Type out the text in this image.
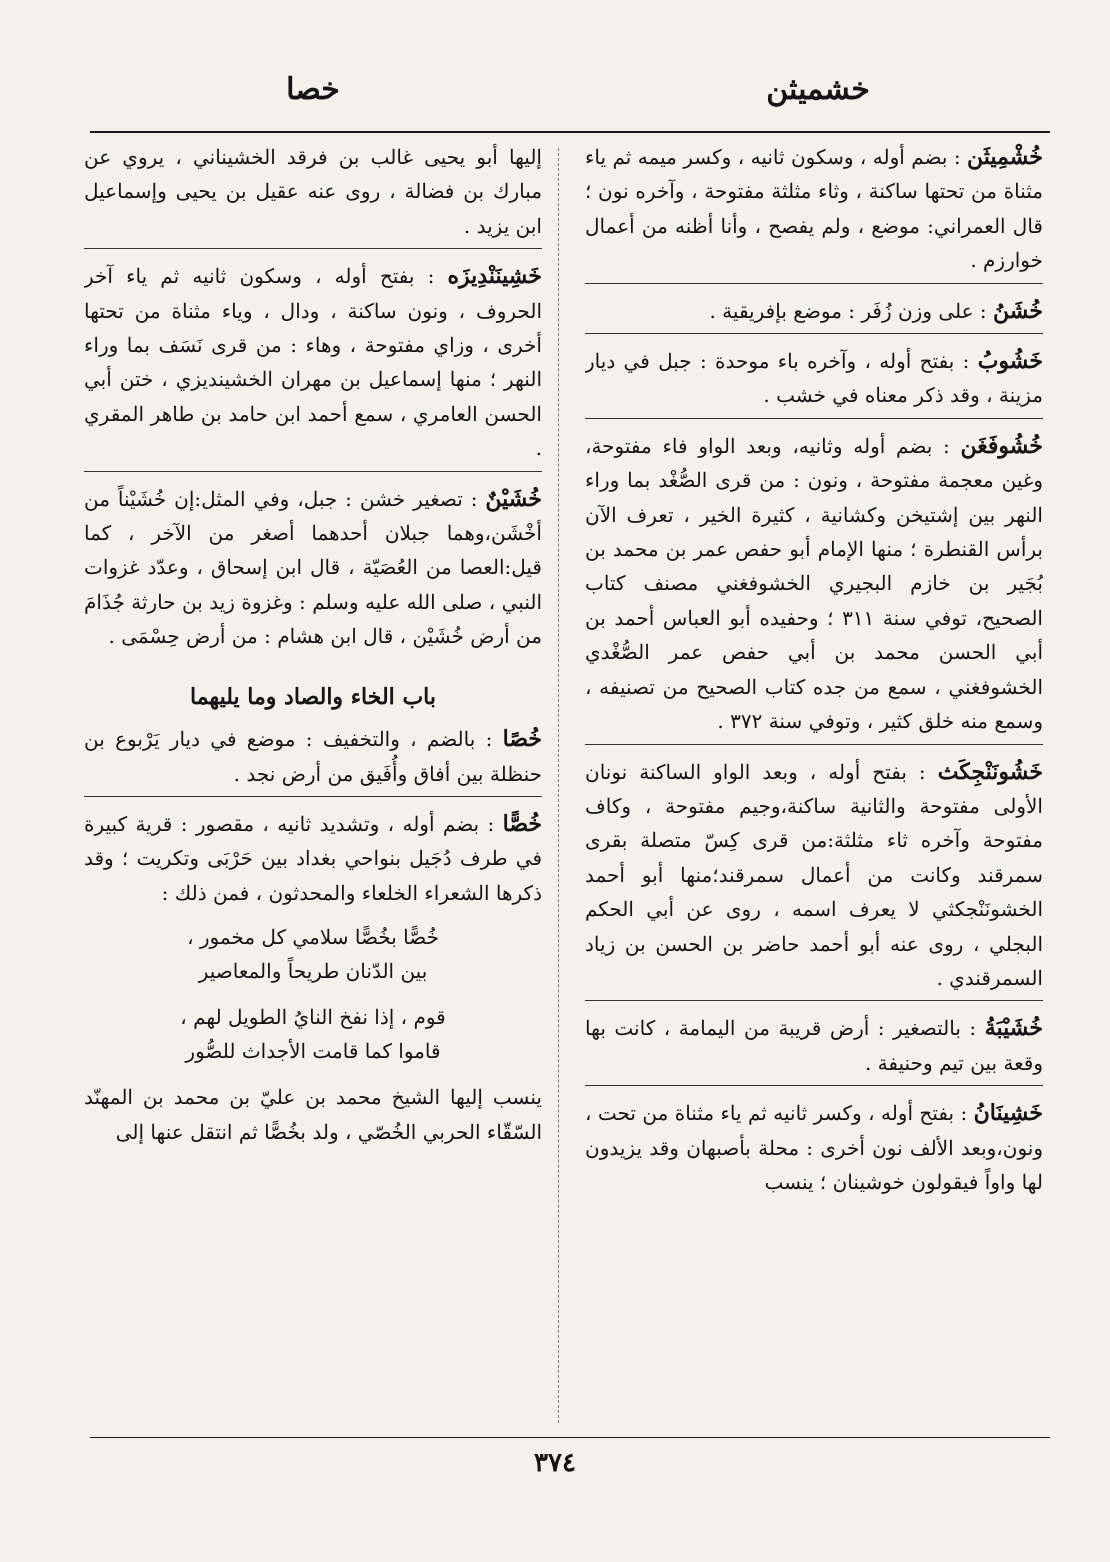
خشميثن
خصا

خُشْمِيثَن : بضم أوله ، وسكون ثانيه ، وكسر ميمه ثم ياء مثناة من تحتها ساكنة ، وثاء مثلثة مفتوحة ، وآخره نون ؛ قال العمراني: موضع ، ولم يفصح ، وأنا أظنه من أعمال خوارزم .

خُشَنُ : على وزن زُفَر : موضع بإفريقية .

خَشُوبُ : بفتح أوله ، وآخره باء موحدة : جبل في ديار مزينة ، وقد ذكر معناه في خشب .

خُشُوفَغَن : بضم أوله وثانيه، وبعد الواو فاء مفتوحة، وغين معجمة مفتوحة ، ونون : من قرى الصُّغْد بما وراء النهر بين إشتيخن وكشانية ، كثيرة الخير ، تعرف الآن برأس القنطرة ؛ منها الإمام أبو حفص عمر بن محمد بن بُجَير بن خازم البجيري الخشوفغني مصنف كتاب الصحيح، توفي سنة ٣١١ ؛ وحفيده أبو العباس أحمد بن أبي الحسن محمد بن أبي حفص عمر الصُّغْدي الخشوفغني ، سمع من جده كتاب الصحيح من تصنيفه ، وسمع منه خلق كثير ، وتوفي سنة ٣٧٢ .

خَشُونَنْجِكَث : بفتح أوله ، وبعد الواو الساكنة نونان الأولى مفتوحة والثانية ساكنة،وجيم مفتوحة ، وكاف مفتوحة وآخره ثاء مثلثة:من قرى كِسّ متصلة بقرى سمرقند وكانت من أعمال سمرقند؛منها أبو أحمد الخشونَنْجكثي لا يعرف اسمه ، روى عن أبي الحكم البجلي ، روى عنه أبو أحمد حاضر بن الحسن بن زياد السمرقندي .

خُشَيْبَةُ : بالتصغير : أرض قريبة من اليمامة ، كانت بها وقعة بين تيم وحنيفة .

خَشِينَانُ : بفتح أوله ، وكسر ثانيه ثم ياء مثناة من تحت ، ونون،وبعد الألف نون أخرى : محلة بأصبهان وقد يزيدون لها واواً فيقولون خوشينان ؛ ينسب

إليها أبو يحيى غالب بن فرقد الخشيناني ، يروي عن مبارك بن فضالة ، روى عنه عقيل بن يحيى وإسماعيل ابن يزيد .

خَشِينَنْدِيزَه : بفتح أوله ، وسكون ثانيه ثم ياء آخر الحروف ، ونون ساكنة ، ودال ، وياء مثناة من تحتها أخرى ، وزاي مفتوحة ، وهاء : من قرى نَسَف بما وراء النهر ؛ منها إسماعيل بن مهران الخشينديزي ، ختن أبي الحسن العامري ، سمع أحمد ابن حامد بن طاهر المقري .

خُشَيْنٌ : تصغير خشن : جبل، وفي المثل:إن خُشَيْناً من أخْشَن،وهما جبلان أحدهما أصغر من الآخر ، كما قيل:العصا من العُصَيّة ، قال ابن إسحاق ، وعدّد غزوات النبي ، صلى الله عليه وسلم : وغزوة زيد بن حارثة جُذَامَ من أرض خُشَيْن ، قال ابن هشام : من أرض حِسْمَى .

باب الخاء والصاد وما يليهما

خُصًا : بالضم ، والتخفيف : موضع في ديار يَرْبوع بن حنظلة بين أفاق وأُفَيق من أرض نجد .

خُصًّا : بضم أوله ، وتشديد ثانيه ، مقصور : قرية كبيرة في طرف دُجَيل بنواحي بغداد بين حَرْبَى وتكريت ؛ وقد ذكرها الشعراء الخلعاء والمحدثون ، فمن ذلك :

خُصًّا بخُصًّا سلامي كل مخمور ،
بين الدّنان طريحاً والمعاصير
قوم ، إذا نفخ النايُ الطويل لهم ،
قاموا كما قامت الأجداث للصُّور

ينسب إليها الشيخ محمد بن عليّ بن محمد بن المهنّد السّقّاء الحربي الخُصّي ، ولد بخُصًّا ثم انتقل عنها إلى

٣٧٤
